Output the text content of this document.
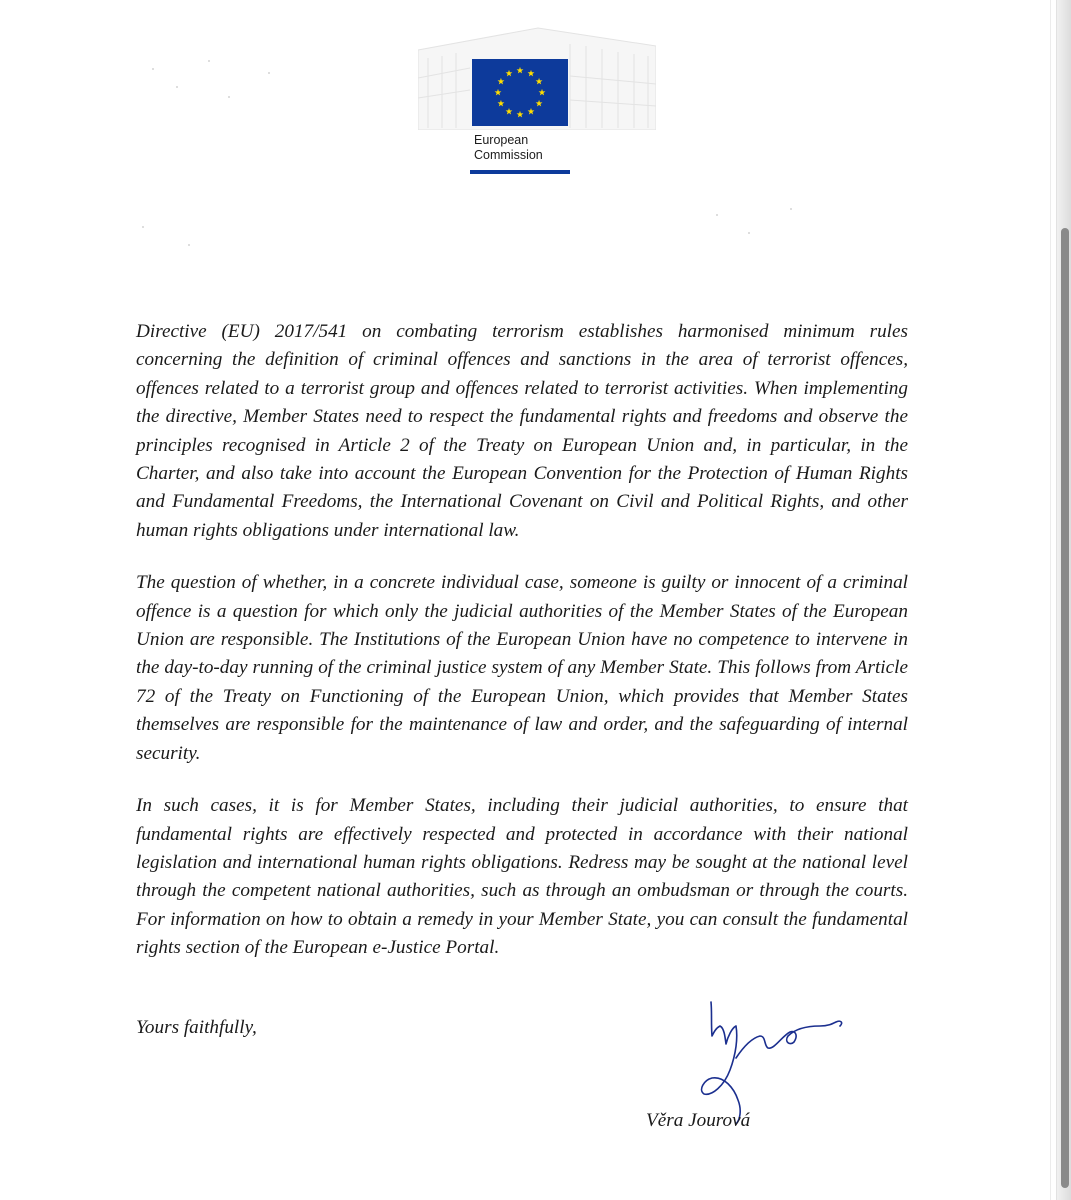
European
Commission

Directive (EU) 2017/541 on combating terrorism establishes harmonised minimum rules concerning the definition of criminal offences and sanctions in the area of terrorist offences, offences related to a terrorist group and offences related to terrorist activities. When implementing the directive, Member States need to respect the fundamental rights and freedoms and observe the principles recognised in Article 2 of the Treaty on European Union and, in particular, in the Charter, and also take into account the European Convention for the Protection of Human Rights and Fundamental Freedoms, the International Covenant on Civil and Political Rights, and other human rights obligations under international law.

The question of whether, in a concrete individual case, someone is guilty or innocent of a criminal offence is a question for which only the judicial authorities of the Member States of the European Union are responsible. The Institutions of the European Union have no competence to intervene in the day-to-day running of the criminal justice system of any Member State. This follows from Article 72 of the Treaty on Functioning of the European Union, which provides that Member States themselves are responsible for the maintenance of law and order, and the safeguarding of internal security.

In such cases, it is for Member States, including their judicial authorities, to ensure that fundamental rights are effectively respected and protected in accordance with their national legislation and international human rights obligations. Redress may be sought at the national level through the competent national authorities, such as through an ombudsman or through the courts. For information on how to obtain a remedy in your Member State, you can consult the fundamental rights section of the European e-Justice Portal.

Yours faithfully,
Věra Jourová
